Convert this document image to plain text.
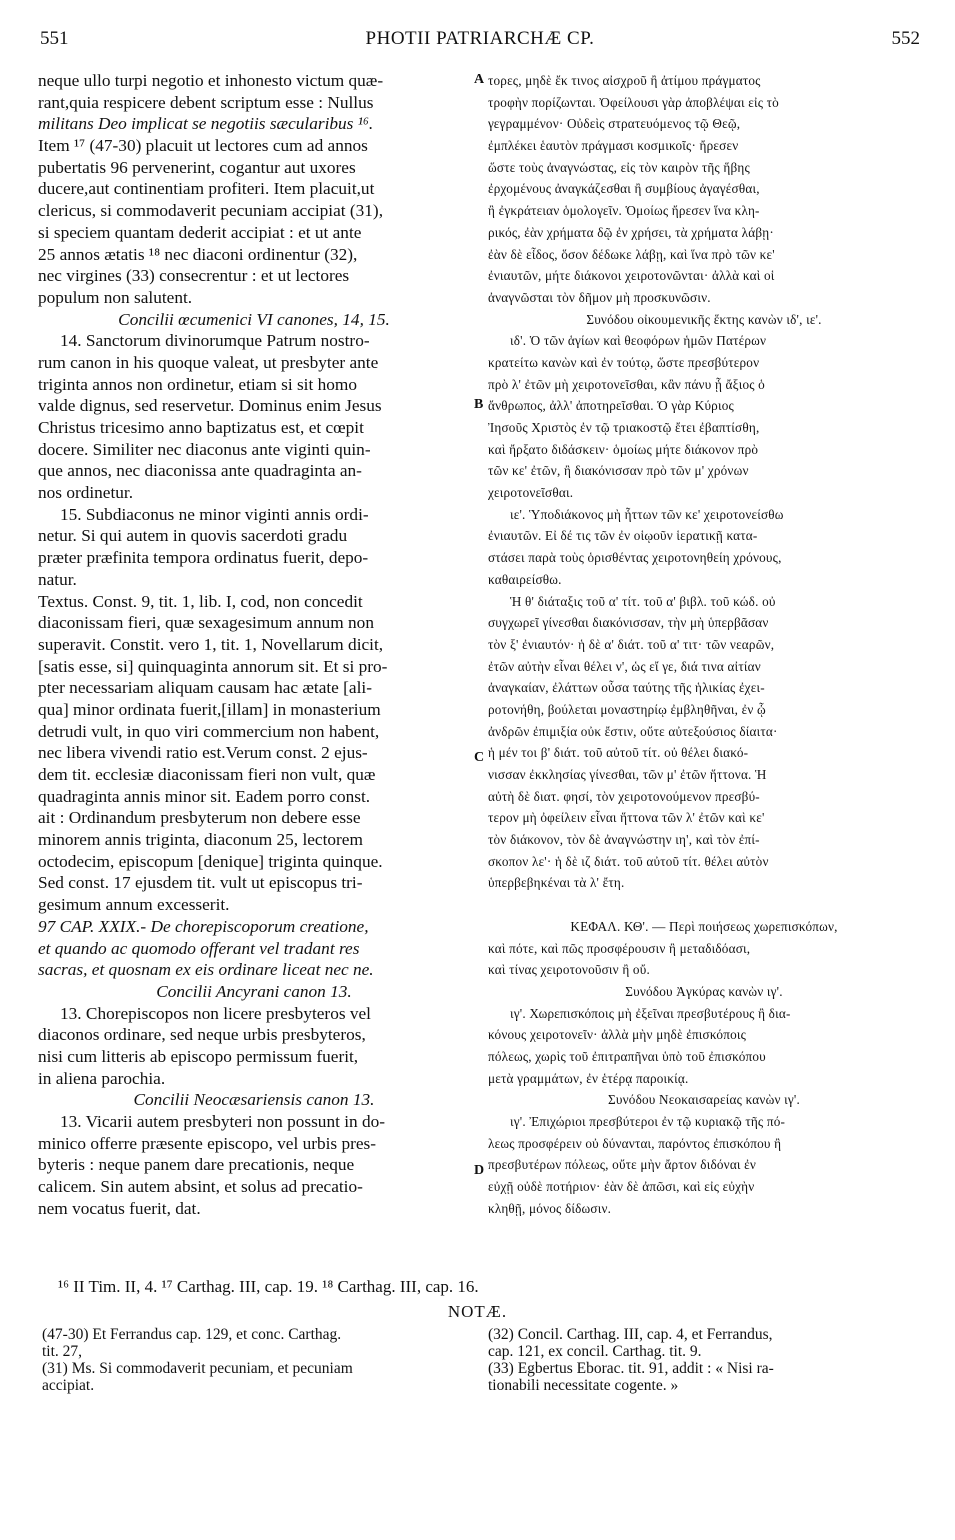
551	PHOTII PATRIARCHÆ CP.	552
neque ullo turpi negotio et inhonesto victum quæ-
rant,quia respicere debent scriptum esse : Nullus
militans Deo implicat se negotiis sæcularibus ¹⁶.
Item ¹⁷ (47-30) placuit ut lectores cum ad annos
pubertatis 96 pervenerint, cogantur aut uxores
ducere,aut continentiam profiteri. Item placuit,ut
clericus, si commodaverit pecuniam accipiat (31),
si speciem quantam dederit accipiat : et ut ante
25 annos ætatis ¹⁸ nec diaconi ordinentur (32),
nec virgines (33) consecrentur : et ut lectores
populum non salutent.
Concilii œcumenici VI canones, 14, 15.
14. Sanctorum divinorumque Patrum nostro-
rum canon in his quoque valeat, ut presbyter ante
triginta annos non ordinetur, etiam si sit homo
valde dignus, sed reservetur. Dominus enim Jesus
Christus tricesimo anno baptizatus est, et cœpit
docere. Similiter nec diaconus ante viginti quin-
que annos, nec diaconissa ante quadraginta an-
nos ordinetur.
15. Subdiaconus ne minor viginti annis ordi-
netur. Si qui autem in quovis sacerdoti gradu
præter præfinita tempora ordinatus fuerit, depo-
natur.
Textus. Const. 9, tit. 1, lib. I, cod, non concedit
diaconissam fieri, quæ sexagesimum annum non
superavit. Constit. vero 1, tit. 1, Novellarum dicit,
[satis esse, si] quinquaginta annorum sit. Et si pro-
pter necessariam aliquam causam hac ætate [ali-
qua] minor ordinata fuerit,[illam] in monasterium
detrudi vult, in quo viri commercium non habent,
nec libera vivendi ratio est.Verum const. 2 ejus-
dem tit. ecclesiæ diaconissam fieri non vult, quæ
quadraginta annis minor sit. Eadem porro const.
ait : Ordinandum presbyterum non debere esse
minorem annis triginta, diaconum 25, lectorem
octodecim, episcopum [denique] triginta quinque.
Sed const. 17 ejusdem tit. vult ut episcopus tri-
gesimum annum excesserit.
97 CAP. XXIX.- De chorepiscoporum creatione,
et quando ac quomodo offerant vel tradant res
sacras, et quosnam ex eis ordinare liceat nec ne.
Concilii Ancyrani canon 13.
13. Chorepiscopos non licere presbyteros vel
diaconos ordinare, sed neque urbis presbyteros,
nisi cum litteris ab episcopo permissum fuerit,
in aliena parochia.
Concilii Neocæsariensis canon 13.
13. Vicarii autem presbyteri non possunt in do-
minico offerre præsente episcopo, vel urbis pres-
byteris : neque panem dare precationis, neque
calicem. Sin autem absint, et solus ad precatio-
nem vocatus fuerit, dat.
τορες, μηδὲ ἔκ τινος αἰσχροῦ ἢ ἀτίμου πράγματος
τροφὴν πορίζωνται. Ὀφείλουσι γὰρ ἀποβλέψαι εἰς τὸ
γεγραμμένον· Οὐδεὶς στρατευόμενος τῷ Θεῷ,
ἐμπλέκει ἑαυτὸν πράγμασι κοσμικοῖς· ἤρεσεν
ὥστε τοὺς ἀναγνώστας, εἰς τὸν καιρὸν τῆς ἥβης
ἐρχομένους ἀναγκάζεσθαι ἢ συμβίους ἀγαγέσθαι,
ἢ ἐγκράτειαν ὁμολογεῖν. Ὁμοίως ἤρεσεν ἵνα κλη-
ρικός, ἐὰν χρήματα δῷ ἐν χρήσει, τὰ χρήματα λάβῃ·
ἐὰν δὲ εἶδος, ὅσον δέδωκε λάβῃ, καὶ ἵνα πρὸ τῶν κε'
ἐνιαυτῶν, μήτε διάκονοι χειροτονῶνται· ἀλλὰ καὶ οἱ
ἀναγνῶσται τὸν δῆμον μὴ προσκυνῶσιν.
Συνόδου οἰκουμενικῆς ἕκτης κανὼν ιδ', ιε'.
ιδ'. Ὁ τῶν ἁγίων καὶ θεοφόρων ἡμῶν Πατέρων
κρατείτω κανὼν καὶ ἐν τούτῳ, ὥστε πρεσβύτερον
πρὸ λ' ἐτῶν μὴ χειροτονεῖσθαι, κἂν πάνυ ᾖ ἄξιος ὁ
ἄνθρωπος, ἀλλ' ἀποτηρεῖσθαι. Ὁ γὰρ Κύριος
Ἰησοῦς Χριστὸς ἐν τῷ τριακοστῷ ἔτει ἐβαπτίσθη,
καὶ ἤρξατο διδάσκειν· ὁμοίως μήτε διάκονον πρὸ
τῶν κε' ἐτῶν, ἢ διακόνισσαν πρὸ τῶν μ' χρόνων
χειροτονεῖσθαι.
ιε'. Ὑποδιάκονος μὴ ἧττων τῶν κε' χειροτονείσθω
ἐνιαυτῶν. Εἰ δέ τις τῶν ἐν οἱῳοῦν ἱερατικῇ κατα-
στάσει παρὰ τοὺς ὁρισθέντας χειροτονηθείη χρόνους,
καθαιρείσθω.
Ἡ θ' διάταξις τοῦ α' τίτ. τοῦ α' βιβλ. τοῦ κώδ. οὐ
συγχωρεῖ γίνεσθαι διακόνισσαν, τὴν μὴ ὑπερβᾶσαν
τὸν ξ' ἐνιαυτόν· ἡ δὲ α' διάτ. τοῦ α' τιτ· τῶν νεαρῶν,
ἐτῶν αὐτὴν εἶναι θέλει ν', ὡς εἴ γε, διά τινα αἰτίαν
ἀναγκαίαν, ἐλάττων οὖσα ταύτης τῆς ἡλικίας ἐχει-
ροτονήθη, βούλεται μοναστηρίῳ ἐμβληθῆναι, ἐν ᾧ
ἀνδρῶν ἐπιμιξία οὐκ ἔστιν, οὔτε αὐτεξούσιος δίαιτα·
ἡ μέν τοι β' διάτ. τοῦ αὐτοῦ τίτ. οὐ θέλει διακό-
νισσαν ἐκκλησίας γίνεσθαι, τῶν μ' ἐτῶν ἥττονα. Ἡ
αὐτὴ δὲ διατ. φησί, τὸν χειροτονούμενον πρεσβύ-
τερον μὴ ὀφείλειν εἶναι ἥττονα τῶν λ' ἐτῶν καὶ κε'
τὸν διάκονον, τὸν δὲ ἀναγνώστην ιη', καὶ τὸν ἐπί-
σκοπον λε'· ἡ δὲ ιζ διάτ. τοῦ αὐτοῦ τίτ. θέλει αὐτὸν
ὑπερβεβηκέναι τὰ λ' ἔτη.
ΚΕΦΑΛ. ΚΘ'. — Περὶ ποιήσεως χωρεπισκόπων,
καὶ πότε, καὶ πῶς προσφέρουσιν ἢ μεταδιδόασι,
καὶ τίνας χειροτονοῦσιν ἢ οὔ.
Συνόδου Ἀγκύρας κανὼν ιγ'.
ιγ'. Χωρεπισκόποις μὴ ἐξεῖναι πρεσβυτέρους ἢ δια-
κόνους χειροτονεῖν· ἀλλὰ μὴν μηδὲ ἐπισκόποις
πόλεως, χωρὶς τοῦ ἐπιτραπῆναι ὑπὸ τοῦ ἐπισκόπου
μετὰ γραμμάτων, ἐν ἑτέρᾳ παροικίᾳ.
Συνόδου Νεοκαισαρείας κανὼν ιγ'.
ιγ'. Ἐπιχώριοι πρεσβύτεροι ἐν τῷ κυριακῷ τῆς πό-
λεως προσφέρειν οὐ δύνανται, παρόντος ἐπισκόπου ἢ
πρεσβυτέρων πόλεως, οὔτε μὴν ἄρτον διδόναι ἐν
εὐχῇ οὐδὲ ποτήριον· ἐὰν δὲ ἀπῶσι, καὶ εἰς εὐχὴν
κληθῇ, μόνος δίδωσιν.
A
B
C
D
¹⁶ II Tim. II, 4. ¹⁷ Carthag. III, cap. 19. ¹⁸ Carthag. III, cap. 16.
NOTÆ.
(47-30) Et Ferrandus cap. 129, et conc. Carthag.
tit. 27,
(31) Ms. Si commodaverit pecuniam, et pecuniam
accipiat.
(32) Concil. Carthag. III, cap. 4, et Ferrandus,
cap. 121, ex concil. Carthag. tit. 9.
(33) Egbertus Eborac. tit. 91, addit : « Nisi ra-
tionabili necessitate cogente. »
